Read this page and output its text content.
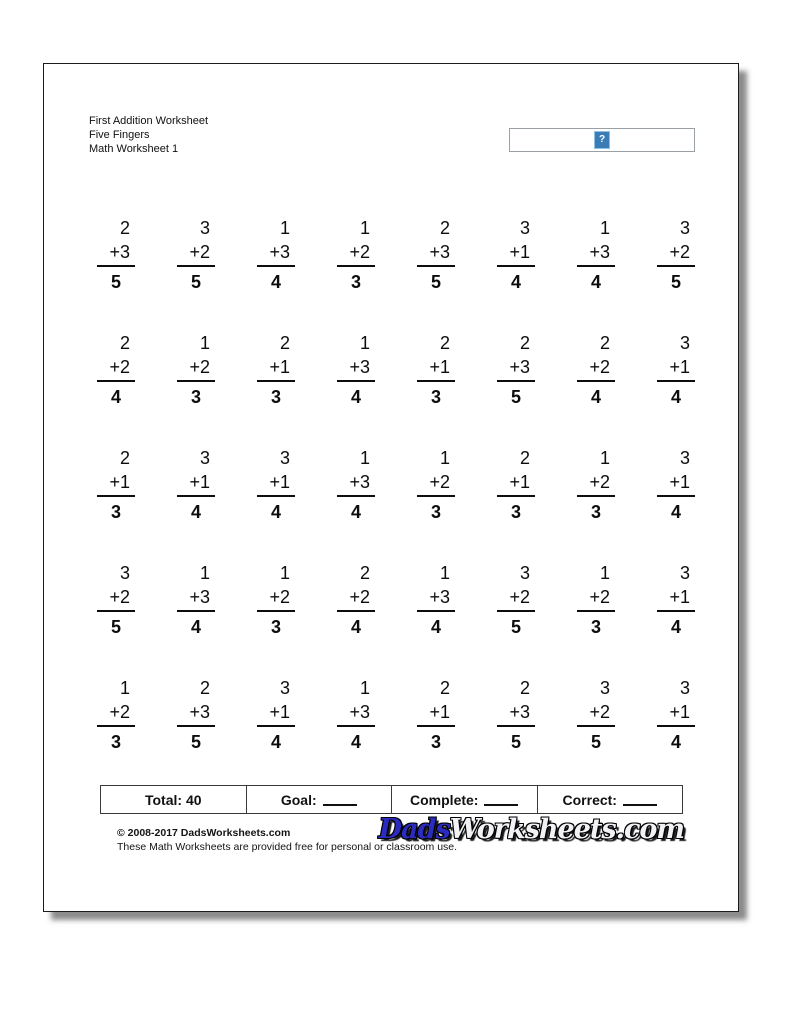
First Addition Worksheet
Five Fingers
Math Worksheet 1
?
2
+3
5
3
+2
5
1
+3
4
1
+2
3
2
+3
5
3
+1
4
1
+3
4
3
+2
5
2
+2
4
1
+2
3
2
+1
3
1
+3
4
2
+1
3
2
+3
5
2
+2
4
3
+1
4
2
+1
3
3
+1
4
3
+1
4
1
+3
4
1
+2
3
2
+1
3
1
+2
3
3
+1
4
3
+2
5
1
+3
4
1
+2
3
2
+2
4
1
+3
4
3
+2
5
1
+2
3
3
+1
4
1
+2
3
2
+3
5
3
+1
4
1
+3
4
2
+1
3
2
+3
5
3
+2
5
3
+1
4
Total: 40	Goal:	Complete:	Correct:
© 2008-2017 DadsWorksheets.com
These Math Worksheets are provided free for personal or classroom use.
DadsWorksheets.com
